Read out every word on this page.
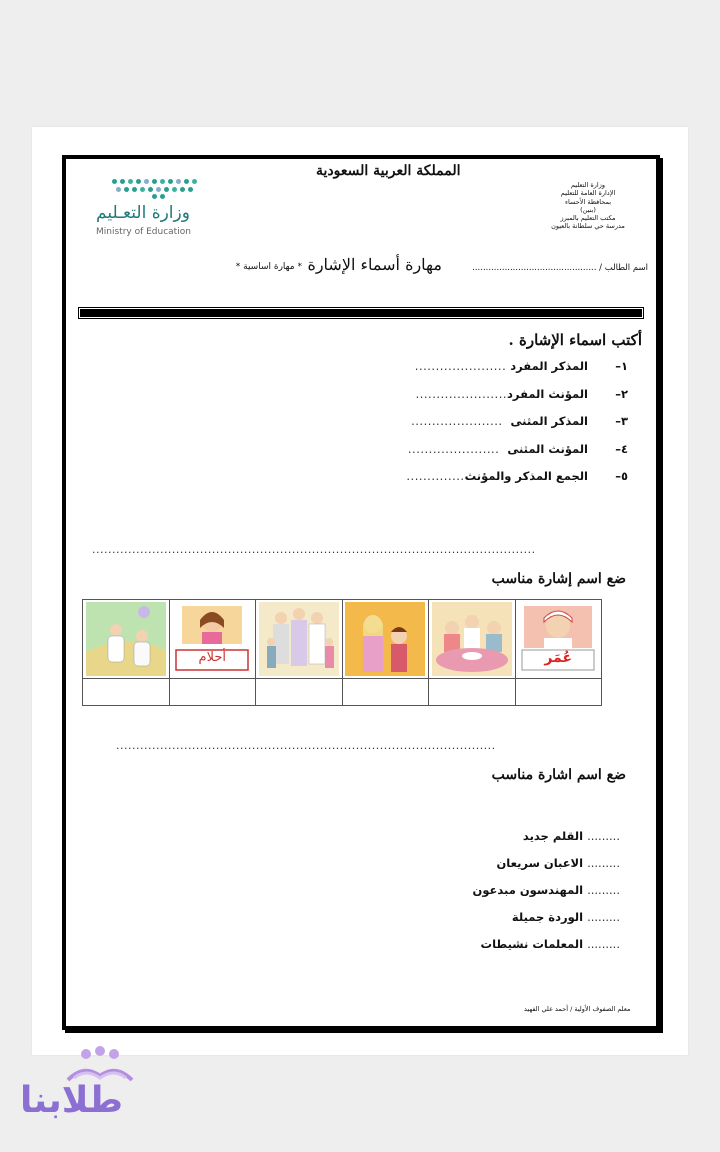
وزارة التعـليم
Ministry of Education
المملكة العربية السعودية
وزارة التعليم
الإدارة العامة للتعليم
بمحافظة الأحساء
(بنين)
مكتب التعليم بالمبرز
مدرسة حي سلطانة بالعيون
اسم الطالب / ..............................................
مهارة أسماء الإشارة
* مهارة اساسية *
أكتب اسماء الإشارة .
١–
المذكر المفرد

......................
٢–
المؤنث المفرد
......................
٣–
المذكر المثنى

......................
٤–
المؤنث المثنى

......................
٥–
الجمع المذكر والمؤنث
..............
...............................................................................................................
ضع اسم إشارة مناسب

أحلام				عُمَر

...............................................................................................
ضع اسم اشارة مناسب
......... القلم جديد
......... الاعبان سريعان
......... المهندسون مبدعون
......... الوردة جميلة
......... المعلمات نشيطات
معلم الصفوف الأولية / أحمد علي الفهيد
طلابنا
